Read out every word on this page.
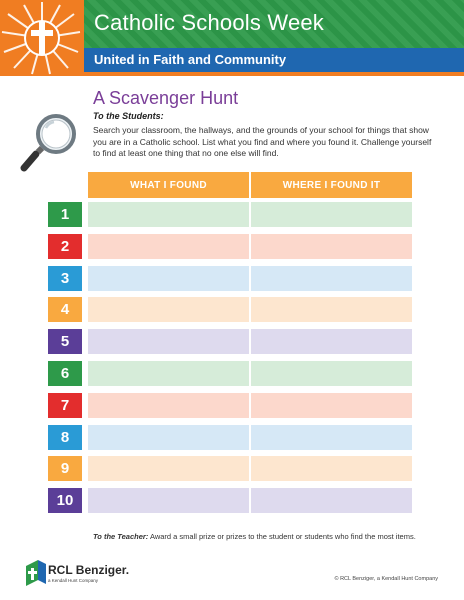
Catholic Schools Week
United in Faith and Community
A Scavenger Hunt
To the Students:
Search your classroom, the hallways, and the grounds of your school for things that show you are in a Catholic school. List what you find and where you found it. Challenge yourself to find at least one thing that no one else will find.
WHAT I FOUND	WHERE I FOUND IT
1
2
3
4
5
6
7
8
9
10
To the Teacher: Award a small prize or prizes to the student or students who find the most items.
RCL Benziger.
a Kendall Hunt Company	© RCL Benziger, a Kendall Hunt Company
